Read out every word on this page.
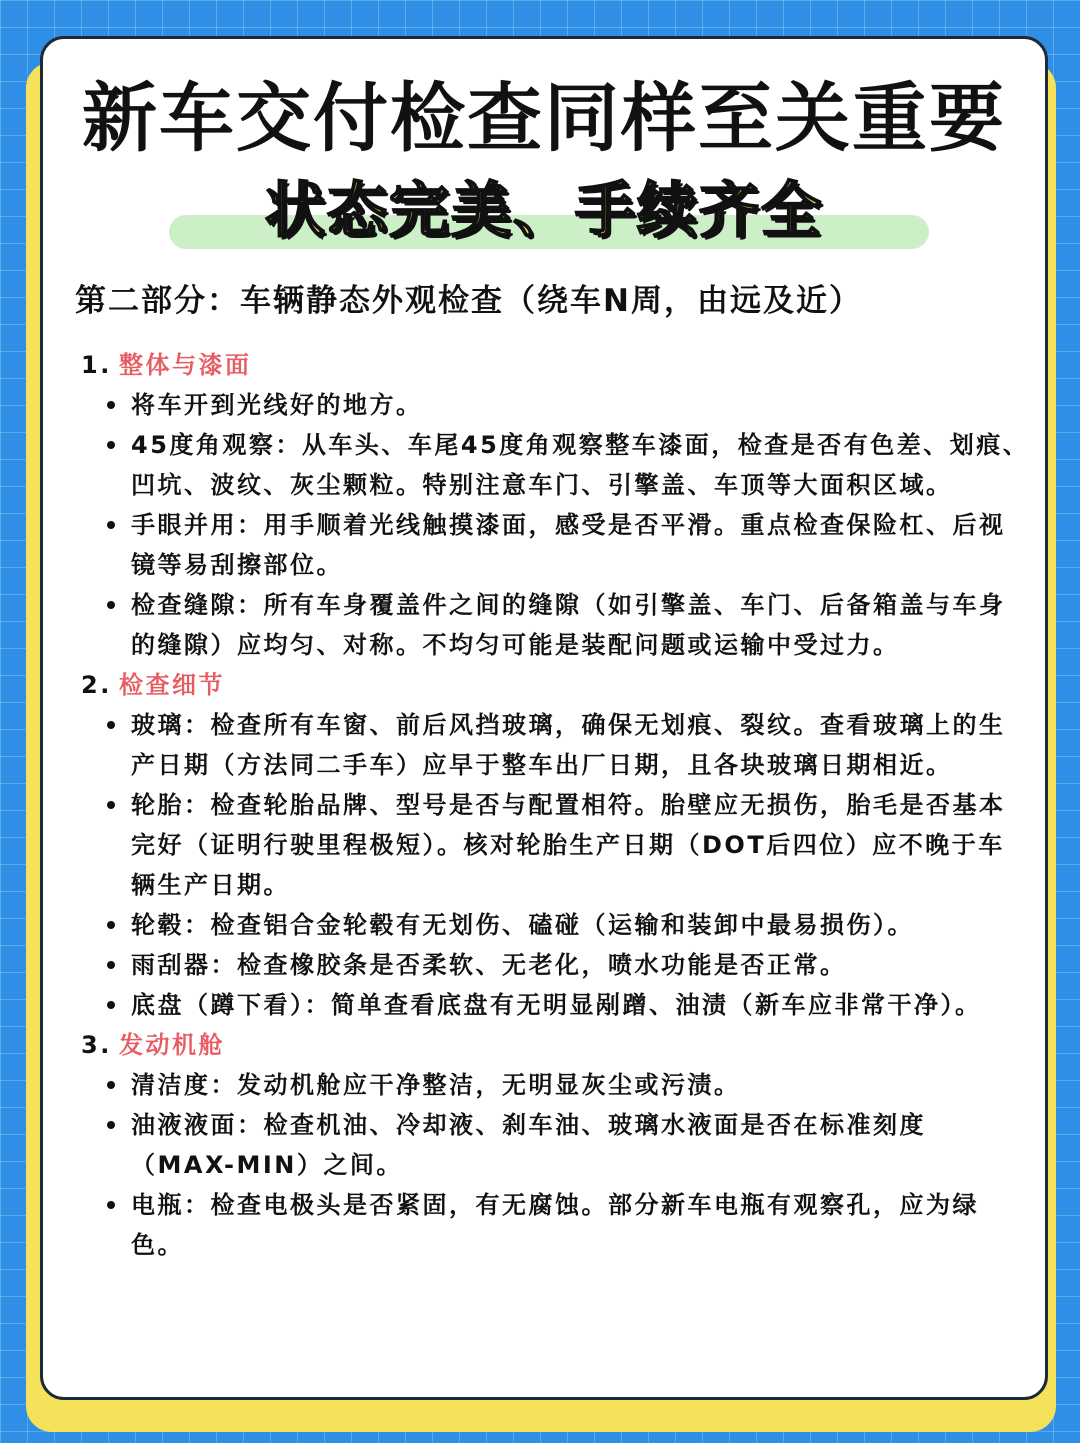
新车交付检查同样至关重要
状态完美、手续齐全
第二部分：车辆静态外观检查（绕车N周，由远及近）

1. 整体与漆面

将车开到光线好的地方。
45度角观察：从车头、车尾45度角观察整车漆面，检查是否有色差、划痕、凹坑、波纹、灰尘颗粒。特别注意车门、引擎盖、车顶等大面积区域。
手眼并用：用手顺着光线触摸漆面，感受是否平滑。重点检查保险杠、后视镜等易刮擦部位。
检查缝隙：所有车身覆盖件之间的缝隙（如引擎盖、车门、后备箱盖与车身的缝隙）应均匀、对称。不均匀可能是装配问题或运输中受过力。

2. 检查细节

玻璃：检查所有车窗、前后风挡玻璃，确保无划痕、裂纹。查看玻璃上的生产日期（方法同二手车）应早于整车出厂日期，且各块玻璃日期相近。
轮胎：检查轮胎品牌、型号是否与配置相符。胎壁应无损伤，胎毛是否基本完好（证明行驶里程极短）。核对轮胎生产日期（DOT后四位）应不晚于车辆生产日期。
轮毂：检查铝合金轮毂有无划伤、磕碰（运输和装卸中最易损伤）。
雨刮器：检查橡胶条是否柔软、无老化，喷水功能是否正常。
底盘（蹲下看）：简单查看底盘有无明显剐蹭、油渍（新车应非常干净）。

3. 发动机舱

清洁度：发动机舱应干净整洁，无明显灰尘或污渍。
油液液面：检查机油、冷却液、刹车油、玻璃水液面是否在标准刻度（MAX-MIN）之间。
电瓶：检查电极头是否紧固，有无腐蚀。部分新车电瓶有观察孔，应为绿色。
